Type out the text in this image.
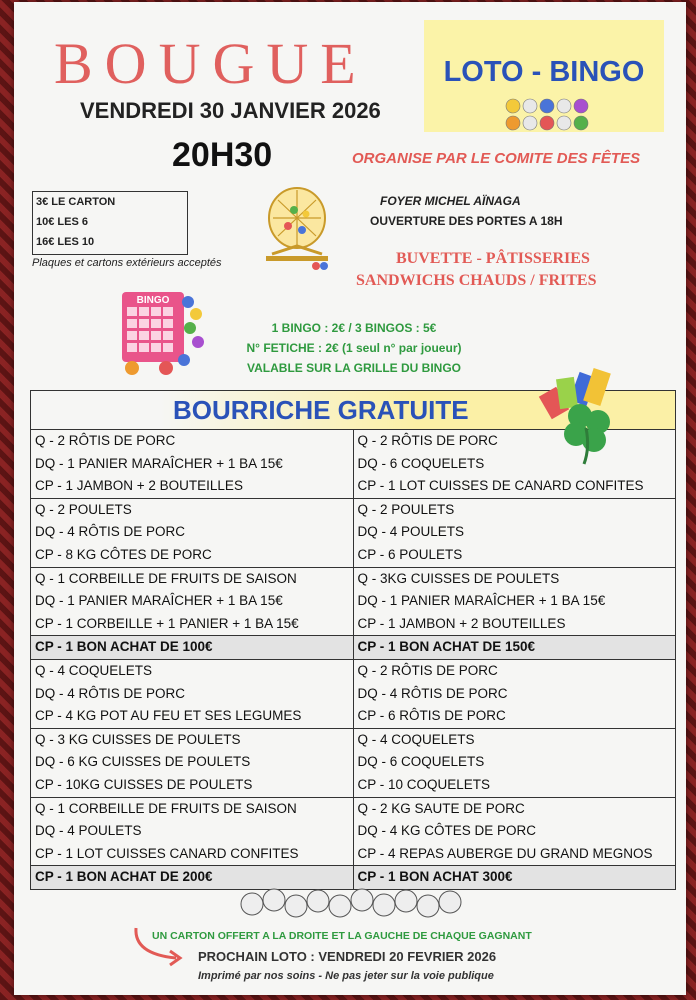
BOUGUE
VENDREDI 30 JANVIER 2026
20H30
LOTO - BINGO
ORGANISE PAR LE COMITE DES FÊTES
3€ LE CARTON
10€ LES 6
16€ LES 10
Plaques et cartons extérieurs acceptés
FOYER MICHEL AÏNAGA
OUVERTURE DES PORTES A 18H
BUVETTE - PÂTISSERIES
SANDWICHS CHAUDS / FRITES
BINGO
1 BINGO : 2€ / 3 BINGOS : 5€
N° FETICHE : 2€ (1 seul n° par joueur)
VALABLE SUR LA GRILLE DU BINGO
BOURRICHE GRATUITE
Q - 2 RÔTIS DE PORC	Q - 2 RÔTIS DE PORC
DQ - 1 PANIER MARAÎCHER + 1 BA 15€	DQ - 6 COQUELETS
CP - 1 JAMBON + 2 BOUTEILLES	CP - 1 LOT CUISSES DE CANARD CONFITES
Q - 2 POULETS	Q - 2 POULETS
DQ - 4 RÔTIS DE PORC	DQ - 4 POULETS
CP - 8 KG CÔTES DE PORC	CP - 6 POULETS
Q - 1 CORBEILLE DE FRUITS DE SAISON	Q - 3KG CUISSES DE POULETS
DQ - 1 PANIER MARAÎCHER + 1 BA 15€	DQ - 1 PANIER MARAÎCHER + 1 BA 15€
CP - 1 CORBEILLE + 1 PANIER + 1 BA 15€	CP - 1 JAMBON + 2 BOUTEILLES
CP - 1 BON ACHAT DE 100€	CP - 1 BON ACHAT DE 150€
Q - 4 COQUELETS	Q - 2 RÔTIS DE PORC
DQ - 4 RÔTIS DE PORC	DQ - 4 RÔTIS DE PORC
CP - 4 KG POT AU FEU ET SES LEGUMES	CP - 6 RÔTIS DE PORC
Q - 3 KG CUISSES DE POULETS	Q - 4 COQUELETS
DQ - 6 KG CUISSES DE POULETS	DQ - 6 COQUELETS
CP - 10KG CUISSES DE POULETS	CP - 10 COQUELETS
Q - 1 CORBEILLE DE FRUITS DE SAISON	Q - 2 KG SAUTE DE PORC
DQ - 4 POULETS	DQ - 4 KG CÔTES DE PORC
CP - 1 LOT CUISSES CANARD CONFITES	CP - 4 REPAS AUBERGE DU GRAND MEGNOS
CP - 1 BON ACHAT DE 200€	CP - 1 BON ACHAT 300€
UN CARTON OFFERT A LA DROITE ET LA GAUCHE DE CHAQUE GAGNANT
PROCHAIN LOTO : VENDREDI 20 FEVRIER 2026
Imprimé par nos soins - Ne pas jeter sur la voie publique
